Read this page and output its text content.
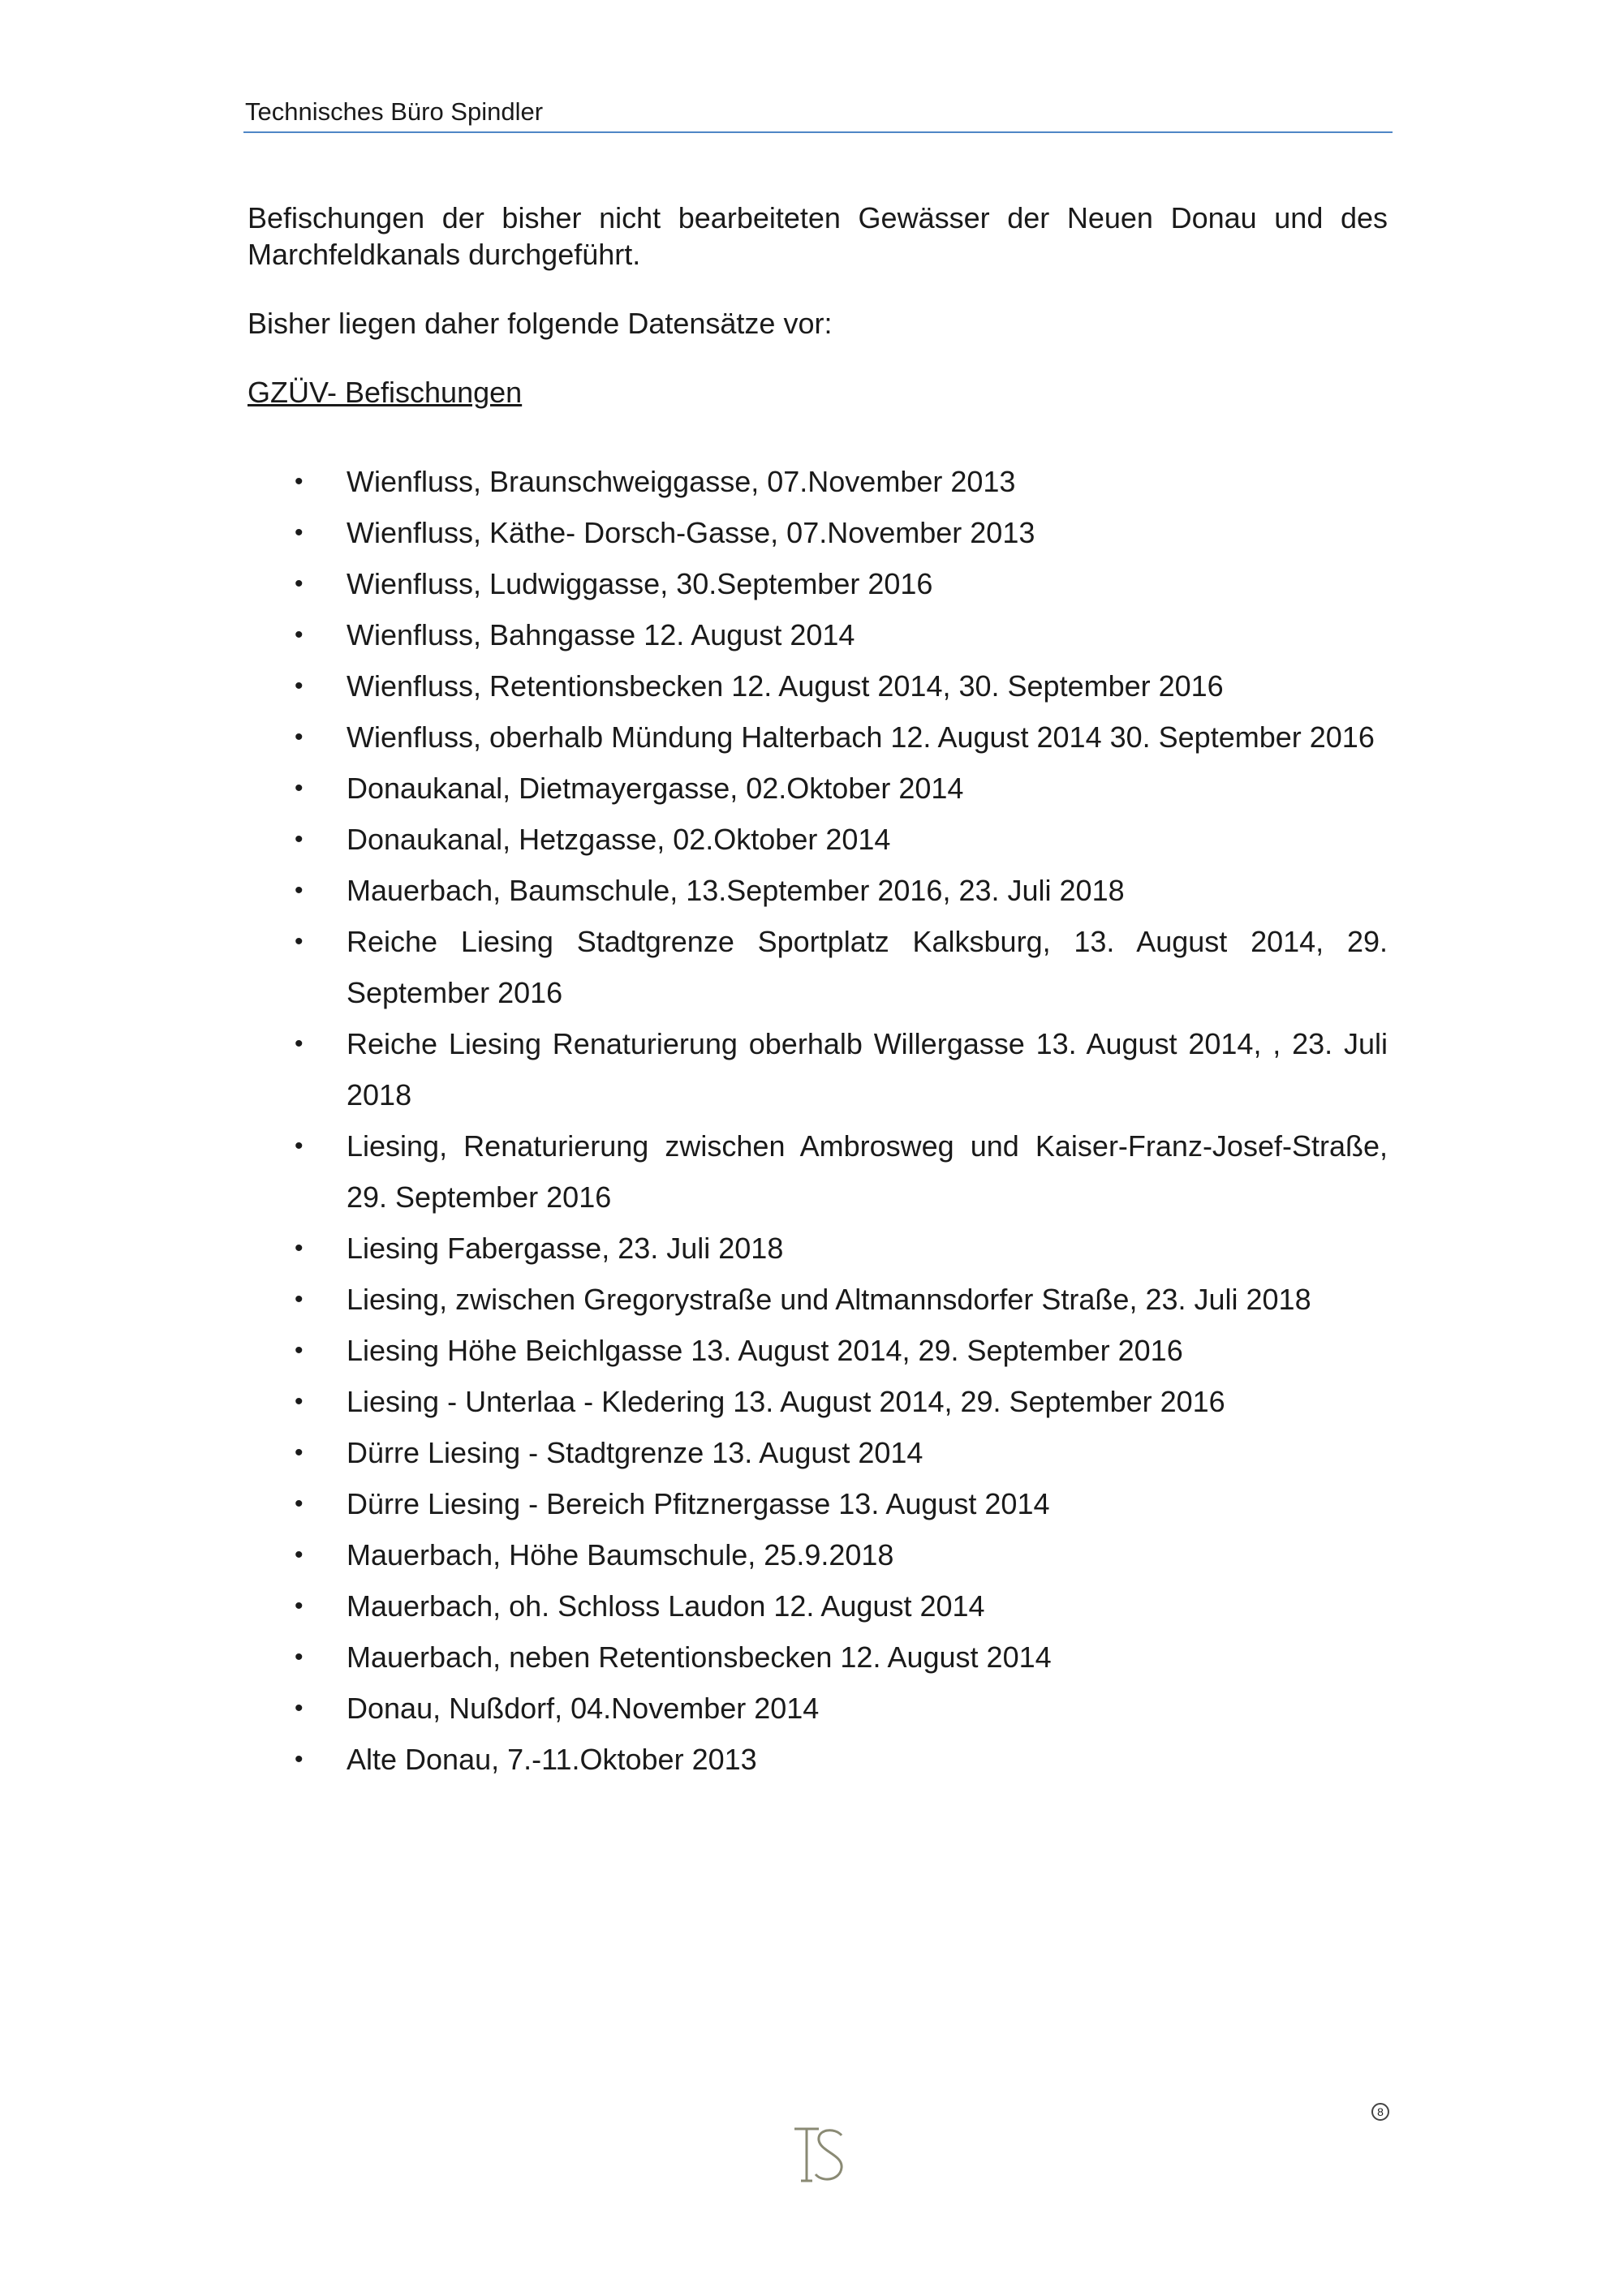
Technisches Büro Spindler

Befischungen der bisher nicht bearbeiteten Gewässer der Neuen Donau und des Marchfeldkanals durchgeführt.

Bisher liegen daher folgende Datensätze vor:

GZÜV- Befischungen

• Wienfluss, Braunschweiggasse, 07.November 2013
• Wienfluss, Käthe- Dorsch-Gasse, 07.November 2013
• Wienfluss, Ludwiggasse, 30.September 2016
• Wienfluss, Bahngasse 12. August 2014
• Wienfluss, Retentionsbecken 12. August 2014, 30. September 2016
• Wienfluss, oberhalb Mündung Halterbach 12. August 2014 30. September 2016
• Donaukanal, Dietmayergasse, 02.Oktober 2014
• Donaukanal, Hetzgasse, 02.Oktober 2014
• Mauerbach, Baumschule, 13.September 2016, 23. Juli 2018
• Reiche Liesing Stadtgrenze Sportplatz Kalksburg, 13. August 2014, 29. September 2016
• Reiche Liesing Renaturierung oberhalb Willergasse 13. August 2014, , 23. Juli 2018
• Liesing, Renaturierung zwischen Ambrosweg und Kaiser-Franz-Josef-Straße, 29. September 2016
• Liesing Fabergasse, 23. Juli 2018
• Liesing, zwischen Gregorystraße und Altmannsdorfer Straße, 23. Juli 2018
• Liesing Höhe Beichlgasse 13. August 2014, 29. September 2016
• Liesing - Unterlaa - Kledering 13. August 2014, 29. September 2016
• Dürre Liesing - Stadtgrenze 13. August 2014
• Dürre Liesing - Bereich Pfitznergasse 13. August 2014
• Mauerbach, Höhe Baumschule, 25.9.2018
• Mauerbach, oh. Schloss Laudon 12. August 2014
• Mauerbach, neben Retentionsbecken 12. August 2014
• Donau, Nußdorf, 04.November 2014
• Alte Donau, 7.-11.Oktober 2013
8
TS
